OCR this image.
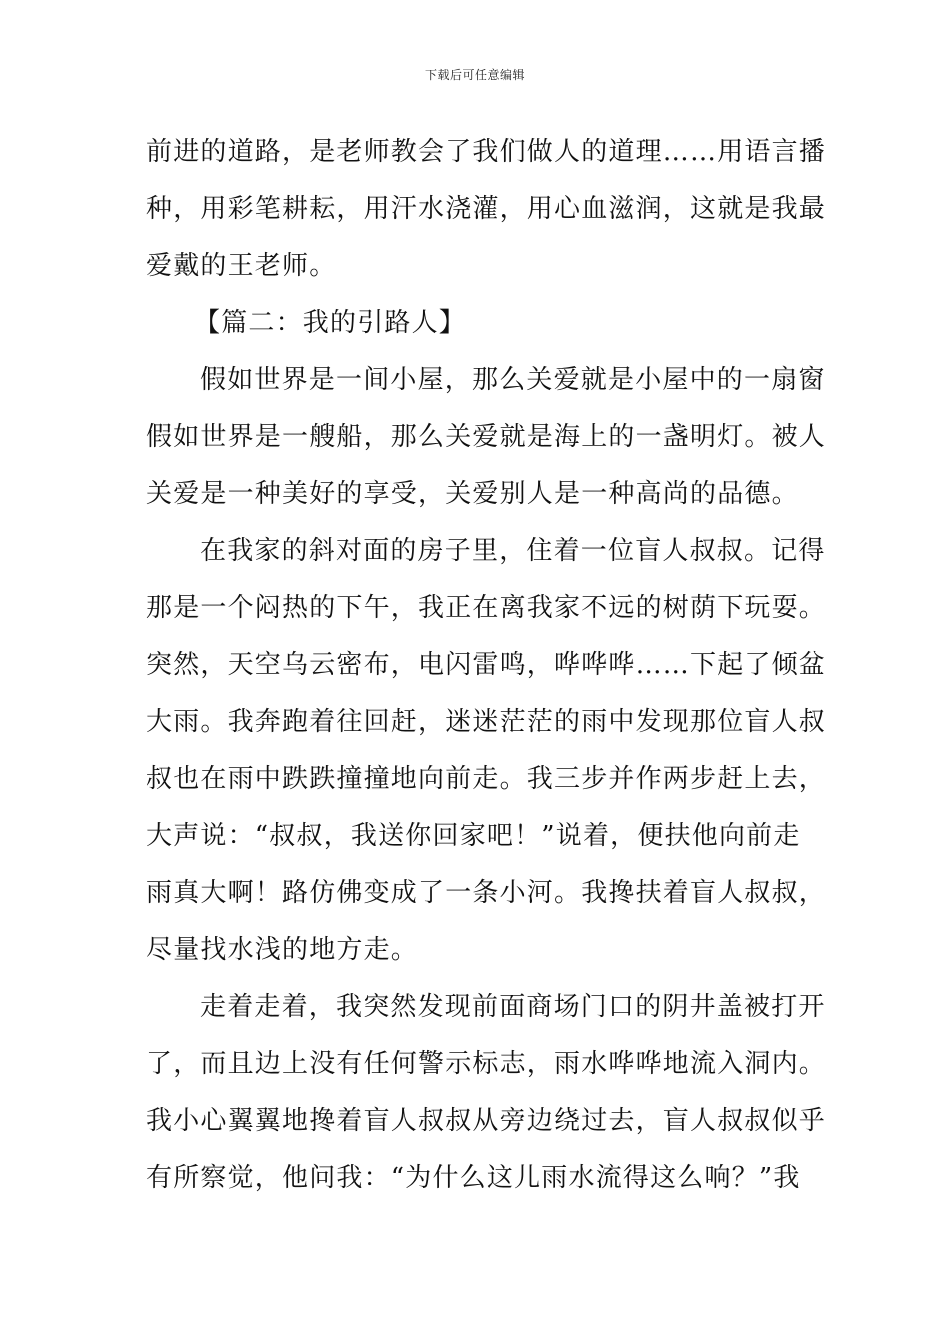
下载后可任意编辑
前进的道路，是老师教会了我们做人的道理……用语言播
种，用彩笔耕耘，用汗水浇灌，用心血滋润，这就是我最
爱戴的王老师。
【篇二：我的引路人】
假如世界是一间小屋，那么关爱就是小屋中的一扇窗
假如世界是一艘船，那么关爱就是海上的一盏明灯。被人
关爱是一种美好的享受，关爱别人是一种高尚的品德。
在我家的斜对面的房子里，住着一位盲人叔叔。记得
那是一个闷热的下午，我正在离我家不远的树荫下玩耍。
突然，天空乌云密布，电闪雷鸣，哗哗哗……下起了倾盆
大雨。我奔跑着往回赶，迷迷茫茫的雨中发现那位盲人叔
叔也在雨中跌跌撞撞地向前走。我三步并作两步赶上去，
大声说：“叔叔，我送你回家吧！”说着，便扶他向前走
雨真大啊！路仿佛变成了一条小河。我搀扶着盲人叔叔，
尽量找水浅的地方走。
走着走着，我突然发现前面商场门口的阴井盖被打开
了，而且边上没有任何警示标志，雨水哗哗地流入洞内。
我小心翼翼地搀着盲人叔叔从旁边绕过去，盲人叔叔似乎
有所察觉，他问我：“为什么这儿雨水流得这么响？”我
